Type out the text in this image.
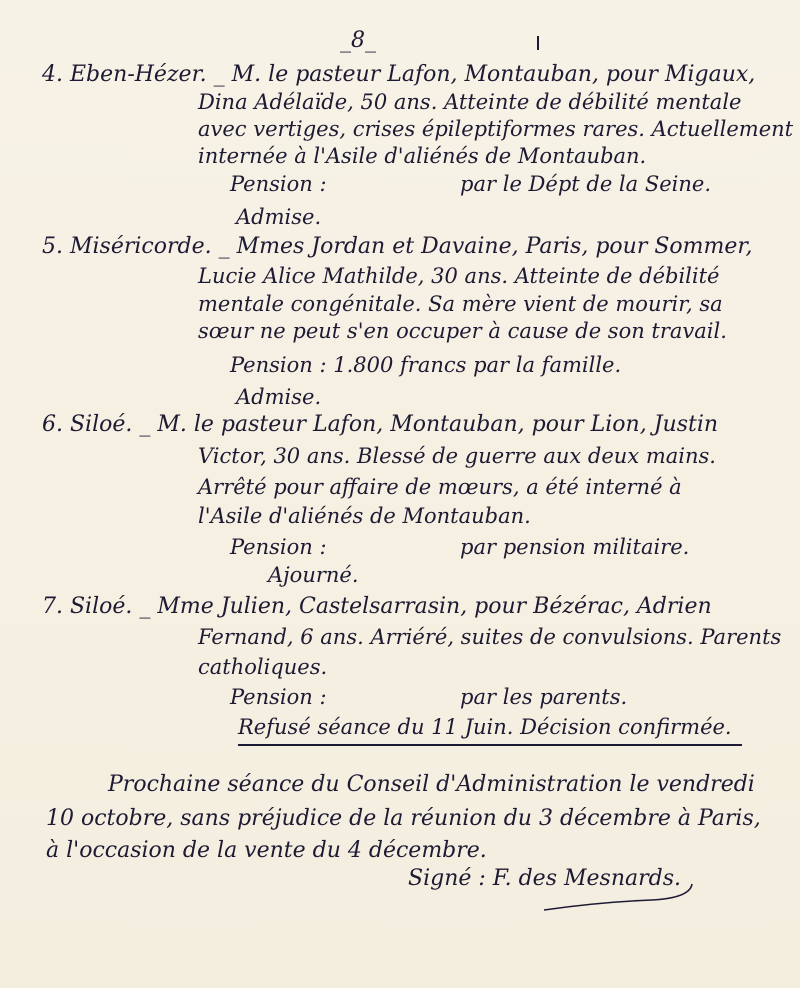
_8_
4. Eben-Hézer. _ M. le pasteur Lafon, Montauban, pour Migaux,
Dina Adélaïde, 50 ans. Atteinte de débilité mentale
avec vertiges, crises épileptiformes rares. Actuellement
internée à l'Asile d'aliénés de Montauban.
Pension :                    par le Dépt de la Seine.
Admise.
5. Miséricorde. _ Mmes Jordan et Davaine, Paris, pour Sommer,
Lucie Alice Mathilde, 30 ans. Atteinte de débilité
mentale congénitale. Sa mère vient de mourir, sa
sœur ne peut s'en occuper à cause de son travail.
Pension : 1.800 francs par la famille.
Admise.
6. Siloé. _ M. le pasteur Lafon, Montauban, pour Lion, Justin
Victor, 30 ans. Blessé de guerre aux deux mains.
Arrêté pour affaire de mœurs, a été interné à
l'Asile d'aliénés de Montauban.
Pension :                    par pension militaire.
Ajourné.
7. Siloé. _ Mme Julien, Castelsarrasin, pour Bézérac, Adrien
Fernand, 6 ans. Arriéré, suites de convulsions. Parents
catholiques.
Pension :                    par les parents.
Refusé séance du 11 Juin. Décision confirmée.
Prochaine séance du Conseil d'Administration le vendredi
10 octobre, sans préjudice de la réunion du 3 décembre à Paris,
à l'occasion de la vente du 4 décembre.
Signé : F. des Mesnards.
